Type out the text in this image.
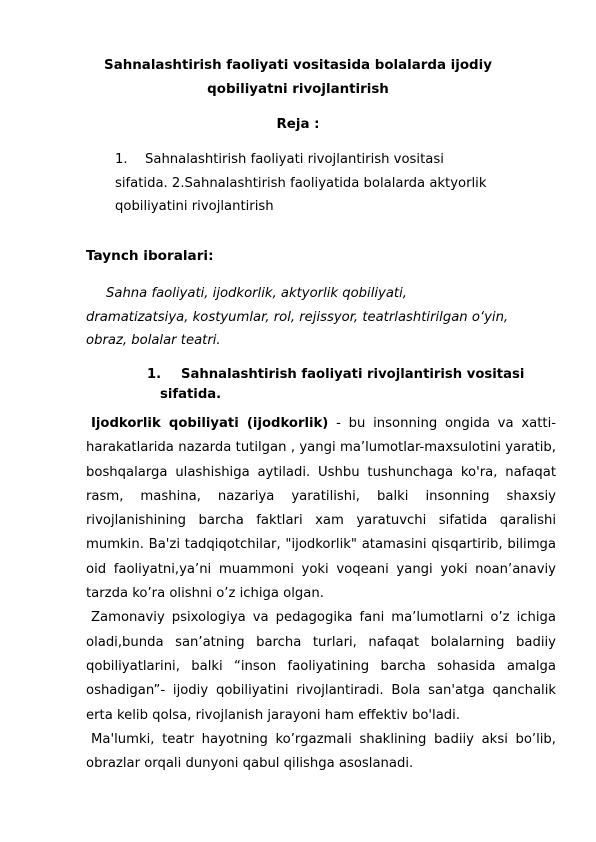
Sahnalashtirish faoliyati vositasida bolalarda ijodiy
qobiliyatni rivojlantirish
Reja :
1. Sahnalashtirish faoliyati rivojlantirish vositasi
sifatida. 2.Sahnalashtirish faoliyatida bolalarda aktyorlik
qobiliyatini rivojlantirish
Taynch iboralari:
Sahna faoliyati, ijodkorlik, aktyorlik qobiliyati,
dramatizatsiya, kostyumlar, rol, rejissyor, teatrlashtirilgan o‘yin,
obraz, bolalar teatri.
1. Sahnalashtirish faoliyati rivojlantirish vositasi
sifatida.

Ijodkorlik qobiliyati (ijodkorlik) - bu insonning ongida va xatti-harakatlarida nazarda tutilgan , yangi ma’lumotlar-maxsulotini yaratib, boshqalarga ulashishiga aytiladi. Ushbu tushunchaga ko'ra, nafaqat rasm, mashina, nazariya yaratilishi, balki insonning shaxsiy rivojlanishining barcha faktlari xam yaratuvchi sifatida qaralishi mumkin. Ba'zi tadqiqotchilar, "ijodkorlik" atamasini qisqartirib, bilimga oid faoliyatni,ya’ni muammoni yoki voqeani yangi yoki noan’anaviy tarzda ko’ra olishni o’z ichiga olgan.

Zamonaviy psixologiya va pedagogika fani ma’lumotlarni o’z ichiga oladi,bunda san’atning barcha turlari, nafaqat bolalarning badiiy qobiliyatlarini, balki “inson faoliyatining barcha sohasida amalga oshadigan”- ijodiy qobiliyatini rivojlantiradi. Bola san'atga qanchalik erta kelib qolsa, rivojlanish jarayoni ham effektiv bo'ladi.

Ma'lumki, teatr hayotning ko’rgazmali shaklining badiiy aksi bo’lib, obrazlar orqali dunyoni qabul qilishga asoslanadi.
